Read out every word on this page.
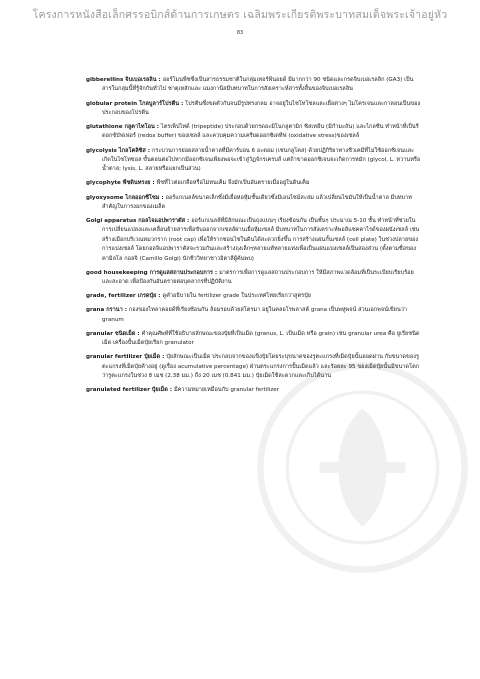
โครงการหนังสือเล็กศรรอบิกส์ด้านการเกษตร เฉลิมพระเกียรติพระบาทสมเด็จพระเจ้าอยู่หัว
83

gibberellins จิบเบอเรลลิน : ฮอร์โมนพืชซึ่งเป็นสารธรรมชาติในกลุ่มเทอร์พีนอยด์ มีมากกว่า 90 ชนิดและกรดจิบเบอเรลลิก (GA3) เป็นสารในกลุ่มนี้ที่รู้จักกันทั่วไป ชาตุเหลักและ แมงกานีสมีบทบาทในการสังเคราะห์สารทั้งสิ้นของจิบเบอเรลลิน

globular protein โกลบูลาร์โปรตีน : โปรตีนซึ่งขดตัวกันจนมีรูปทรงกลม อาจอยู่ในไซโทโซลและเยื่อต่างๆ ไมโครเจนและกาลอนเป็นของประกอบของโปรตีน

glutathione กลูตาไทโอน : ไตรเพ็ปไทด์ (tripeptide) ประกอบด้วยกรดอะมิโนกลูตามิก ซิสเทอีน (มีกำมะถัน) และไกลซีน ทำหน้าที่เป็นรีดอกซ์บัฟเฟอร์ (redox buffer) ของเซลล์ และควบคุมความเครียดออกซิเดทีฟ (oxidative stress)ของเซลล์

glycolysis ไกลโคลิซิส : กระบวนการย่อยสลายน้ำตาลที่มีคาร์บอน 6 อะตอม (เช่นกลูโคส) ด้วยปฏิกิริยาทางชีวเคมีที่ไม่ใช้ออกซิเจนและเกิดในไซโทซอล ขั้นตอนต่อไปหากมีออกซิเจนเพียงพอจะเข้าสู่วัฏจักรเครบส์ แต่ถ้าขาดออกซิเจนจะเกิดการหมัก (glycol, L. หวานหรือน้ำตาล; lysis, L. สลายหรือแยกเป็นส่วน)

glycophyte พืชดินทรงย : พืชที่ไวต่อเกลือหรือไม่ทนเค็ม จึงมักเป็นอันตรายเมื่ออยู่ในดินเค็ม

glyoxysome ไกลออกซีโซม : ออร์แกเนลล์ขนาดเล็กซึ่งมีเยื่อห่อหุ้มชั้นเดียวซึ่งมีเอนไซม์สะสม แล้วเปลี่ยนไขมันให้เป็นน้ำตาล มีบทบาทสำคัญในการงอกของเมล็ด

Golgi apparatus กอลไจแอปพาราตัส : ออร์แกเนลล์ที่มีลักษณะเป็นถุงแบนๆ เรียงซ้อนกัน เป็นชั้นๆ ประมาณ 5-10 ชั้น ทำหน้าที่ช่วยในการเปลี่ยนแปลงและเคลื่อนย้ายสารเพื่อขับออกจากเซลล์ผ่านเยื่อหุ้มเซลล์ มีบทบาทในการสังเคราะห์พอลิแซคคาไรด์ของผนังเซลล์ เช่น สร้างเมือกบริเวณหมวกราก (root cap) เพื่อให้รากชอนไชในดินได้สะดวกยิ่งขึ้น การสร้างแผ่นกั้นเซลล์ (cell plate) ในช่วงปลายของการแบ่งเซลล์ โดยกอลจิแอปพาราตัสจะรวมกันและสร้างถุงเล็กๆหลายแท้หลายแท่งเพื่อเป็นแผ่นแบ่งเซลล์เป็นสองส่วน (ตั้งตามชื่อของ คามิลโล กอลจิ (Camillo Golgi) นักชีววิทยาชาวอิตาลีผู้ค้นพบ)

good housekeeping การดูแลสถานประกอบการ : มาตรการเพื่อการดูแลสถานประกอบการ ให้มีสภาพแวดล้อมที่เป็นระเบียบเรียบร้อยและสะอาด เพื่อป้องกันอันตรายต่อบุคลากรที่ปฏิบัติงาน

grade, fertilizer เกรดปุ๋ย : ดูคำอธิบายใน fertilizer grade ในประเทศไทยเรียกว่าสูตรปุ๋ย

grana กรานา : กองของไทลาคอยด์ที่เรียงซ้อนกัน ล้อมรอบด้วยสโตรมา อยู่ในคลอโรพลาสต์ grana เป็นพหูพจน์ ส่วนเอกพจน์เขียนว่า granum

granular ชนิดเม็ด : คำคุณศัพท์ที่ใช้อธิบายลักษณะของปุ๋ยที่เป็นเม็ด (granus, L. เป็นเม็ด หรือ grain) เช่น granular urea คือ ยูเรียชนิดเม็ด เครื่องปั้นเม็ดปุ๋ยเรียก granulator

granular fertilizer ปุ๋ยเม็ด : ปุ๋ยลักษณะเป็นเม็ด ประกอบจากของแข็งปุ๋ยโดยระบุขนาดของรูตะแกรงที่เม็ดปุ๋ยนั้นลอดผ่าน กับขนาดของรูตะแกรงที่เม็ดปุ๋ยค้างอยู่ (ดูเรื่อง acumulative percentage) ฝ่านตระแกรงการปั้นเม็ดแล้ว และร้อยละ 95 ของเม็ดปุ๋ยนั้นมีขนาดโตกว่ารูตะแกรงในช่วง 8 เมช (2.38 มม.) ถึง 20 เมช (0.841 มม.) ปุ๋ยเม็ดใช้สะดวกและเก็บได้นาน

granulated fertilizer ปุ๋ยเม็ด : มีความหมายเหมือนกับ granular fertilizer
